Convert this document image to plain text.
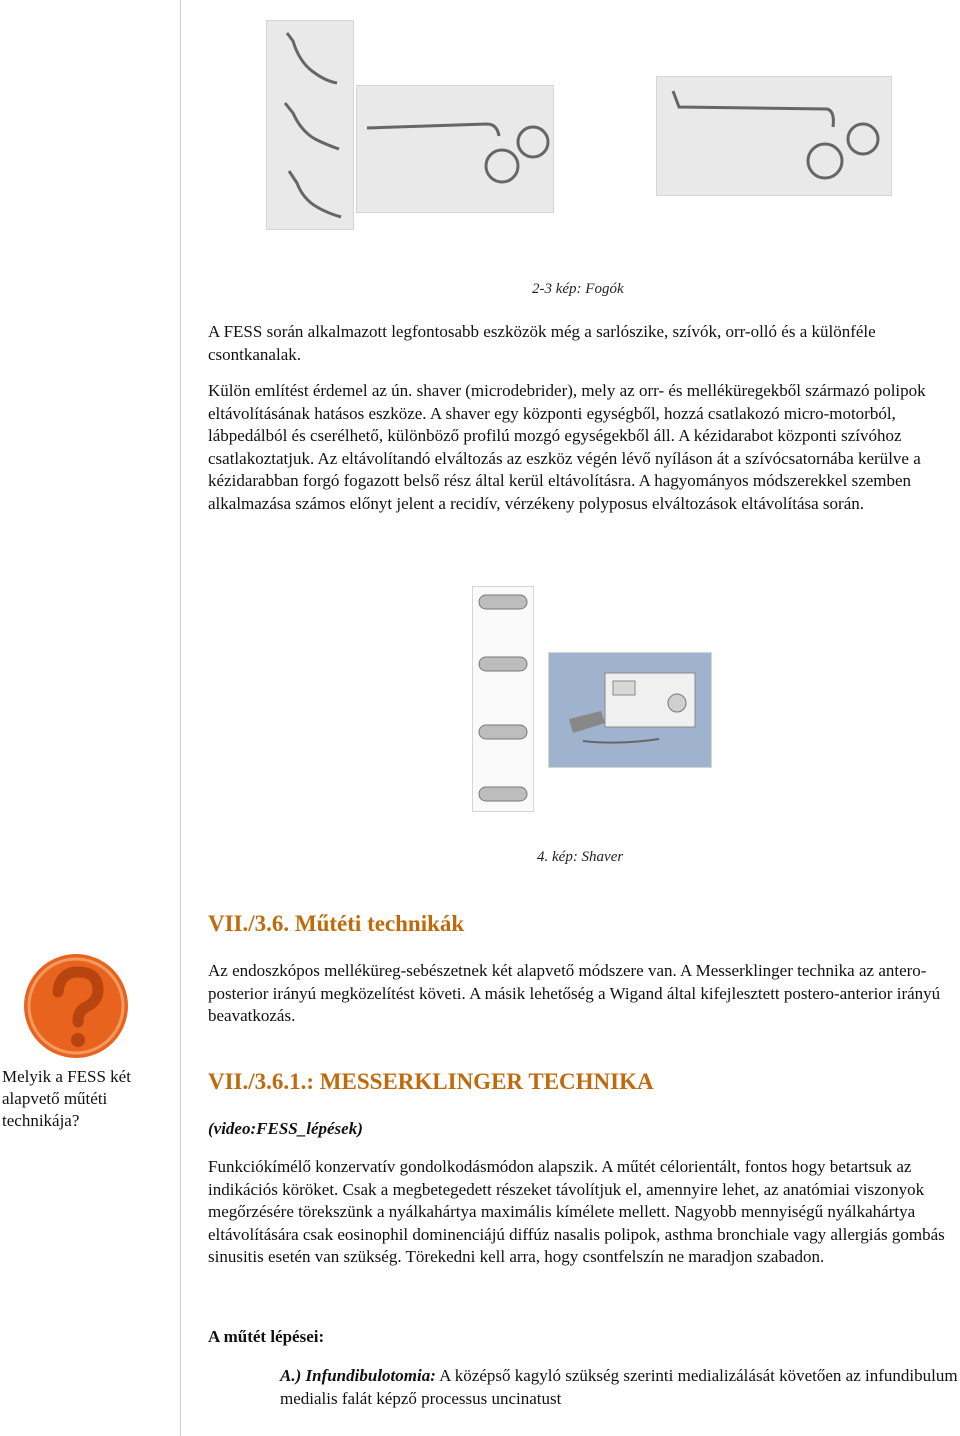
2-3 kép: Fogók

A FESS során alkalmazott legfontosabb eszközök még a sarlószike, szívók, orr-olló és a különféle csontkanalak.

Külön említést érdemel az ún. shaver (microdebrider), mely az orr- és melléküregekből származó polipok eltávolításának hatásos eszköze. A shaver egy központi egységből, hozzá csatlakozó micro-motorból, lábpedálból és cserélhető, különböző profilú mozgó egységekből áll. A kézidarabot központi szívóhoz csatlakoztatjuk. Az eltávolítandó elváltozás az eszköz végén lévő nyíláson át a szívócsatornába kerülve a kézidarabban forgó fogazott belső rész által kerül eltávolításra. A hagyományos módszerekkel szemben alkalmazása számos előnyt jelent a recidív, vérzékeny polyposus elváltozások eltávolítása során.

4. kép: Shaver
VII./3.6. Műtéti technikák

Az endoszkópos melléküreg-sebészetnek két alapvető módszere van. A Messerklinger technika az antero-posterior irányú megközelítést követi. A másik lehetőség a Wigand által kifejlesztett postero-anterior irányú beavatkozás.

Melyik a FESS két alapvető műtéti technikája?
VII./3.6.1.: MESSERKLINGER TECHNIKA

(video:FESS_lépések)

Funkciókímélő konzervatív gondolkodásmódon alapszik. A műtét célorientált, fontos hogy betartsuk az indikációs köröket. Csak a megbetegedett részeket távolítjuk el, amennyire lehet, az anatómiai viszonyok megőrzésére törekszünk a nyálkahártya maximális kímélete mellett. Nagyobb mennyiségű nyálkahártya eltávolítására csak eosinophil dominenciájú diffúz nasalis polipok, asthma bronchiale vagy allergiás gombás sinusitis esetén van szükség. Törekedni kell arra, hogy csontfelszín ne maradjon szabadon.

A műtét lépései:

A.) Infundibulotomia: A középső kagyló szükség szerinti medializálását követően az infundibulum medialis falát képző processus uncinatust
